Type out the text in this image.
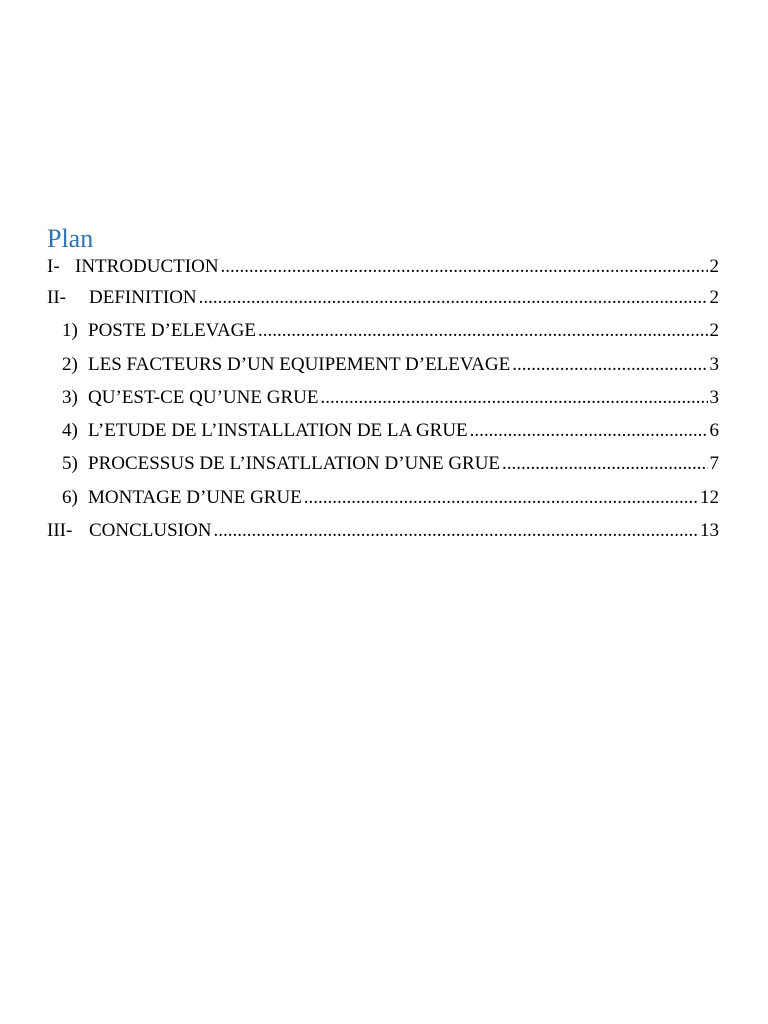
Plan
I- INTRODUCTION .....	2
II-	DEFINITION .....	2
1) POSTE D’ELEVAGE .....	2
2) LES FACTEURS D’UN EQUIPEMENT D’ELEVAGE .....	3
3) QU’EST-CE QU’UNE GRUE .....	3
4) L’ETUDE DE L’INSTALLATION DE LA GRUE .....	6
5) PROCESSUS DE L’INSATLLATION D’UNE GRUE .....	7
6) MONTAGE D’UNE GRUE .....	12
III- CONCLUSION .....	13
